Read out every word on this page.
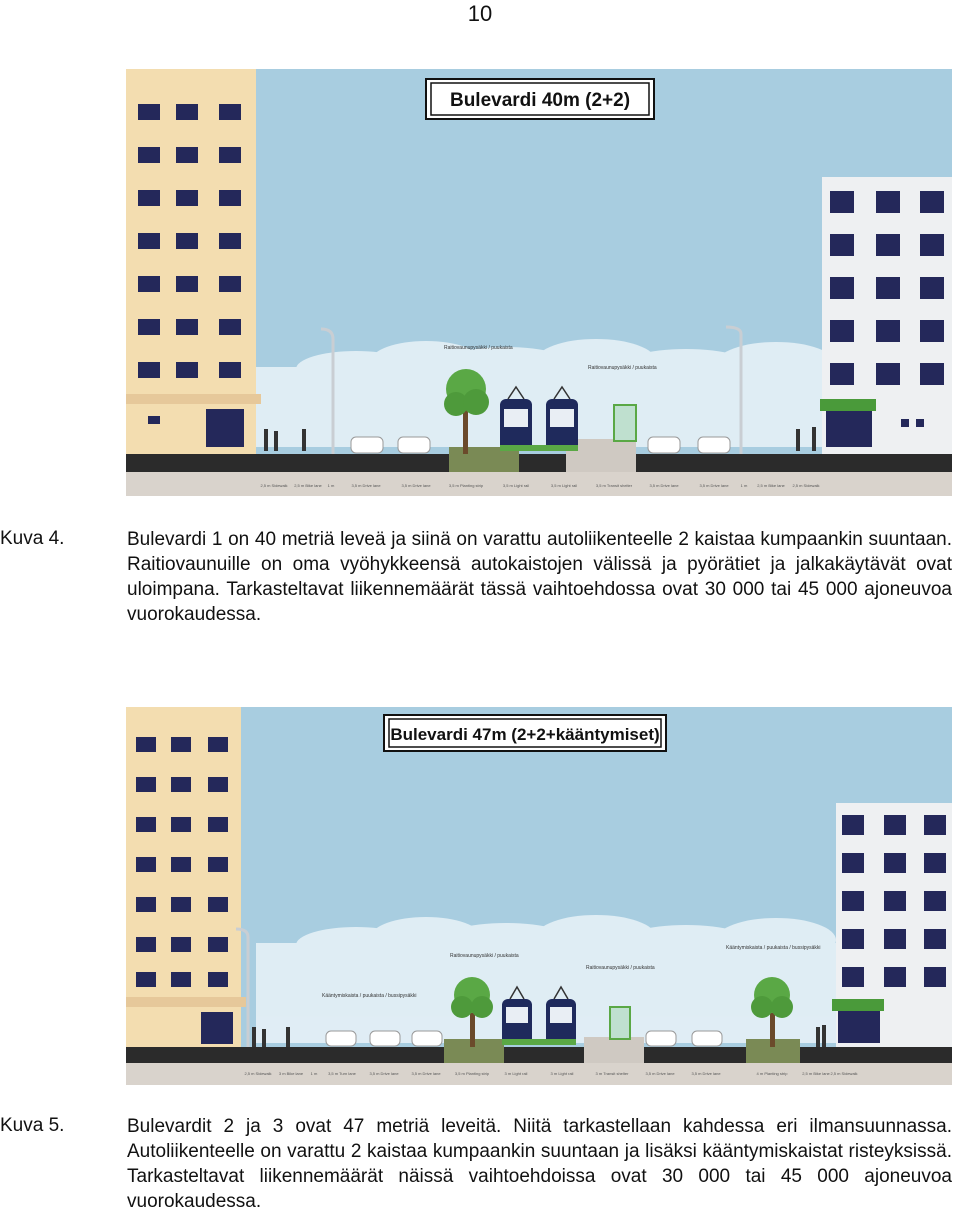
10
Bulevardi 40m (2+2)
Raitiovaunupysäkki / puukaista
Raitiovaunupysäkki / puukaista
2,5 m Sidewalk 2,5 m Bike lane 1 m	3,5 m Drive lane	3,5 m Drive lane	3,5 m Planting strip	3,5 m Light rail	3,5 m Light rail	3,5 m Transit shelter	3,5 m Drive lane	3,5 m Drive lane	1 m 2,5 m Bike lane 2,5 m Sidewalk
Kuva 4.	Bulevardi 1 on 40 metriä leveä ja siinä on varattu autoliikenteelle 2 kaistaa kumpaankin suuntaan. Raitiovaunuille on oma vyöhykkeensä autokaistojen välissä ja pyörätiet ja jalkakäytävät ovat uloimpana. Tarkasteltavat liikennemäärät tässä vaihtoehdossa ovat 30 000 tai 45 000 ajoneuvoa vuorokaudessa.
Bulevardi 47m (2+2+kääntymiset)
Kääntymiskaista / puukaista / bussipysäkki
Raitiovaunupysäkki / puukaista
Raitiovaunupysäkki / puukaista
Kääntymiskaista / puukaista / bussipysäkki
2,5 m Sidewalk 3 m Bike lane 1 m	3,5 m Turn lane	3,5 m Drive lane	3,5 m Drive lane	3,5 m Planting strip	3 m Light rail	3 m Light rail	3 m Transit shelter	3,5 m Drive lane	3,5 m Drive lane	4 m Planting strip	2,5 m Bike lane 2,5 m Sidewalk
Kuva 5.	Bulevardit 2 ja 3 ovat 47 metriä leveitä. Niitä tarkastellaan kahdessa eri ilmansuunnassa. Autoliikenteelle on varattu 2 kaistaa kumpaankin suuntaan ja lisäksi kääntymiskaistat risteyksissä. Tarkasteltavat liikennemäärät näissä vaihtoehdoissa ovat 30 000 tai 45 000 ajoneuvoa vuorokaudessa.
